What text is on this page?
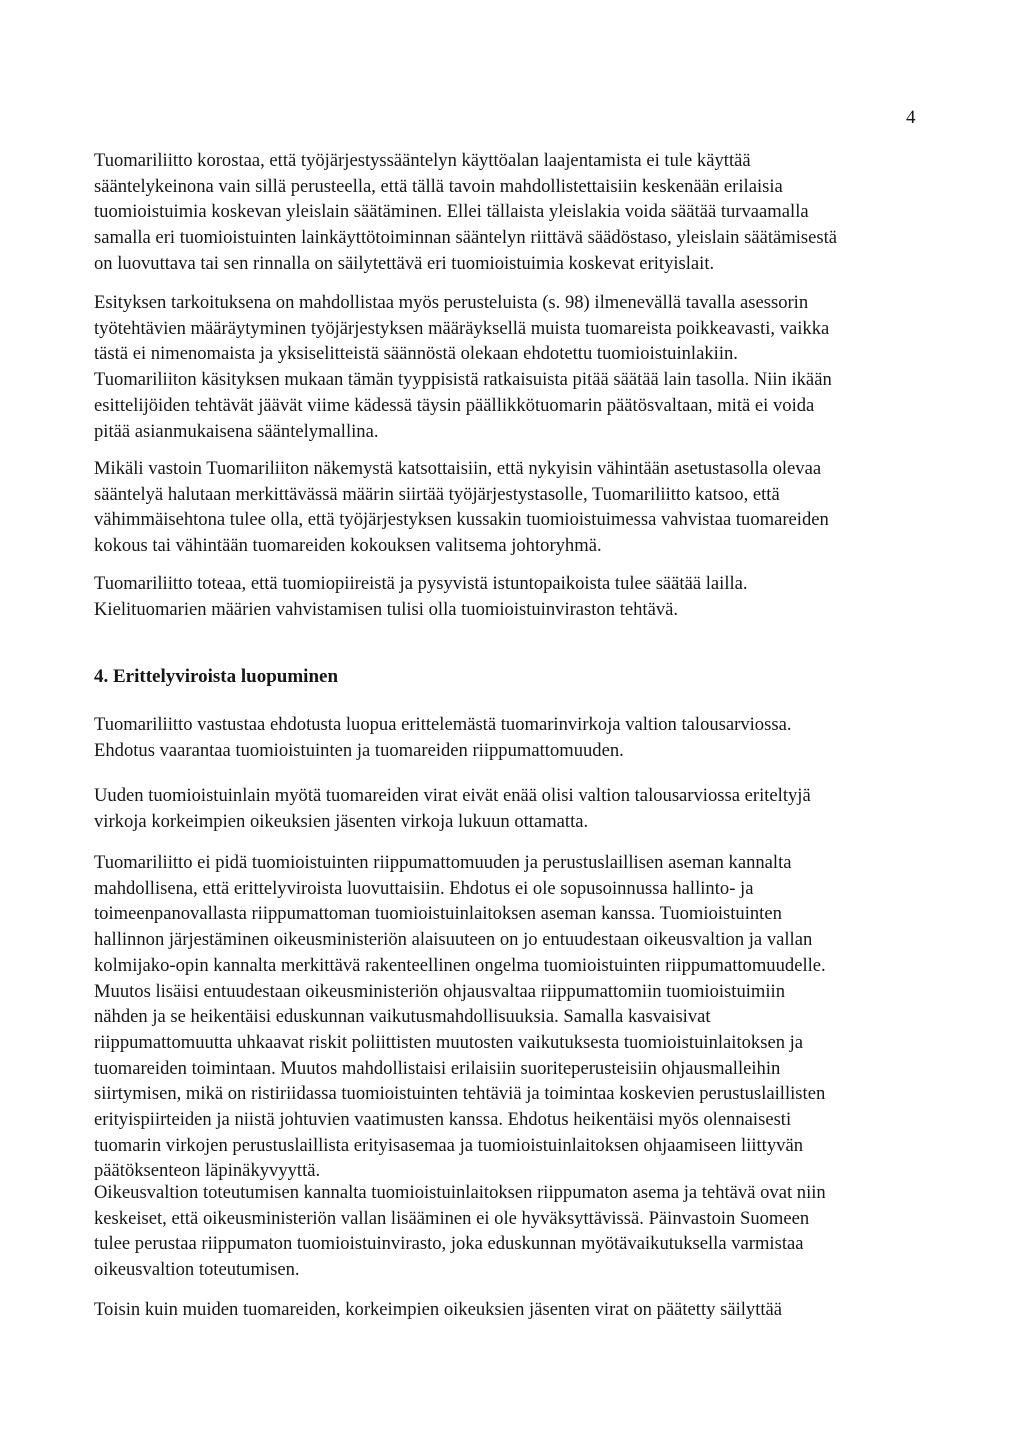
4
Tuomariliitto korostaa, että työjärjestyssääntelyn käyttöalan laajentamista ei tule käyttää
sääntelykeinona vain sillä perusteella, että tällä tavoin mahdollistettaisiin keskenään erilaisia
tuomioistuimia koskevan yleislain säätäminen. Ellei tällaista yleislakia voida säätää turvaamalla
samalla eri tuomioistuinten lainkäyttötoiminnan sääntelyn riittävä säädöstaso, yleislain säätämisestä
on luovuttava tai sen rinnalla on säilytettävä eri tuomioistuimia koskevat erityislait.
Esityksen tarkoituksena on mahdollistaa myös perusteluista (s. 98) ilmenevällä tavalla asessorin
työtehtävien määräytyminen työjärjestyksen määräyksellä muista tuomareista poikkeavasti, vaikka
tästä ei nimenomaista ja yksiselitteistä säännöstä olekaan ehdotettu tuomioistuinlakiin.
Tuomariliiton käsityksen mukaan tämän tyyppisistä ratkaisuista pitää säätää lain tasolla. Niin ikään
esittelijöiden tehtävät jäävät viime kädessä täysin päällikkötuomarin päätösvaltaan, mitä ei voida
pitää asianmukaisena sääntelymallina.
Mikäli vastoin Tuomariliiton näkemystä katsottaisiin, että nykyisin vähintään asetustasolla olevaa
sääntelyä halutaan merkittävässä määrin siirtää työjärjestystasolle, Tuomariliitto katsoo, että
vähimmäisehtona tulee olla, että työjärjestyksen kussakin tuomioistuimessa vahvistaa tuomareiden
kokous tai vähintään tuomareiden kokouksen valitsema johtoryhmä.
Tuomariliitto toteaa, että tuomiopiireistä ja pysyvistä istuntopaikoista tulee säätää lailla.
Kielituomarien määrien vahvistamisen tulisi olla tuomioistuinviraston tehtävä.
4. Erittelyviroista luopuminen
Tuomariliitto vastustaa ehdotusta luopua erittelemästä tuomarinvirkoja valtion talousarviossa.
Ehdotus vaarantaa tuomioistuinten ja tuomareiden riippumattomuuden.
Uuden tuomioistuinlain myötä tuomareiden virat eivät enää olisi valtion talousarviossa eriteltyjä
virkoja korkeimpien oikeuksien jäsenten virkoja lukuun ottamatta.
Tuomariliitto ei pidä tuomioistuinten riippumattomuuden ja perustuslaillisen aseman kannalta
mahdollisena, että erittelyviroista luovuttaisiin. Ehdotus ei ole sopusoinnussa hallinto- ja
toimeenpanovallasta riippumattoman tuomioistuinlaitoksen aseman kanssa. Tuomioistuinten
hallinnon järjestäminen oikeusministeriön alaisuuteen on jo entuudestaan oikeusvaltion ja vallan
kolmijako-opin kannalta merkittävä rakenteellinen ongelma tuomioistuinten riippumattomuudelle.
Muutos lisäisi entuudestaan oikeusministeriön ohjausvaltaa riippumattomiin tuomioistuimiin
nähden ja se heikentäisi eduskunnan vaikutusmahdollisuuksia. Samalla kasvaisivat
riippumattomuutta uhkaavat riskit poliittisten muutosten vaikutuksesta tuomioistuinlaitoksen ja
tuomareiden toimintaan. Muutos mahdollistaisi erilaisiin suoriteperusteisiin ohjausmalleihin
siirtymisen, mikä on ristiriidassa tuomioistuinten tehtäviä ja toimintaa koskevien perustuslaillisten
erityispiirteiden ja niistä johtuvien vaatimusten kanssa. Ehdotus heikentäisi myös olennaisesti
tuomarin virkojen perustuslaillista erityisasemaa ja tuomioistuinlaitoksen ohjaamiseen liittyvän
päätöksenteon läpinäkyvyyttä.
Oikeusvaltion toteutumisen kannalta tuomioistuinlaitoksen riippumaton asema ja tehtävä ovat niin
keskeiset, että oikeusministeriön vallan lisääminen ei ole hyväksyttävissä. Päinvastoin Suomeen
tulee perustaa riippumaton tuomioistuinvirasto, joka eduskunnan myötävaikutuksella varmistaa
oikeusvaltion toteutumisen.
Toisin kuin muiden tuomareiden, korkeimpien oikeuksien jäsenten virat on päätetty säilyttää
